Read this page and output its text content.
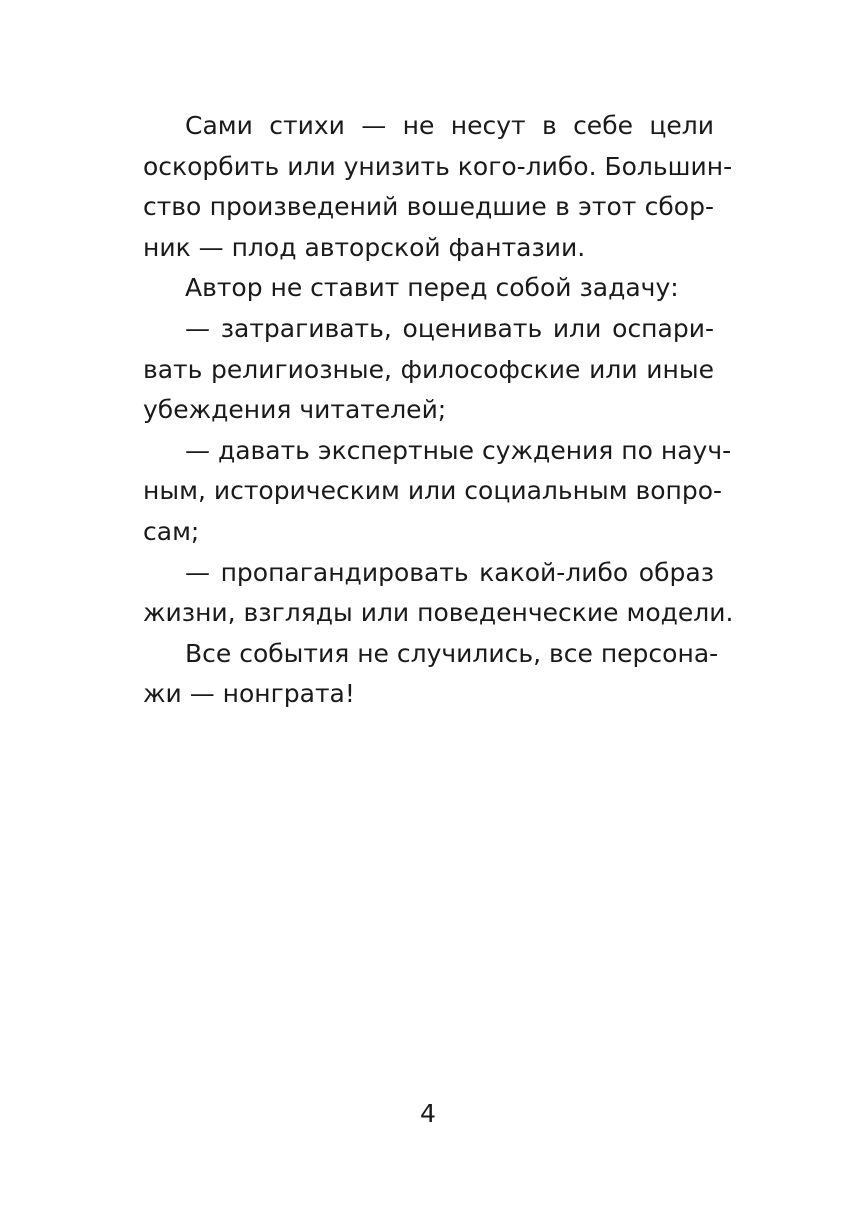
Сами стихи — не несут в себе цели
оскорбить или унизить кого-либо. Большин-
ство произведений вошедшие в этот сбор-
ник — плод авторской фантазии.
Автор не ставит перед собой задачу:
— затрагивать, оценивать или оспари-
вать религиозные, философские или иные
убеждения читателей;
— давать экспертные суждения по науч-
ным, историческим или социальным вопро-
сам;
— пропагандировать какой-либо образ
жизни, взгляды или поведенческие модели.
Все события не случились, все персона-
жи — нонграта!
4
